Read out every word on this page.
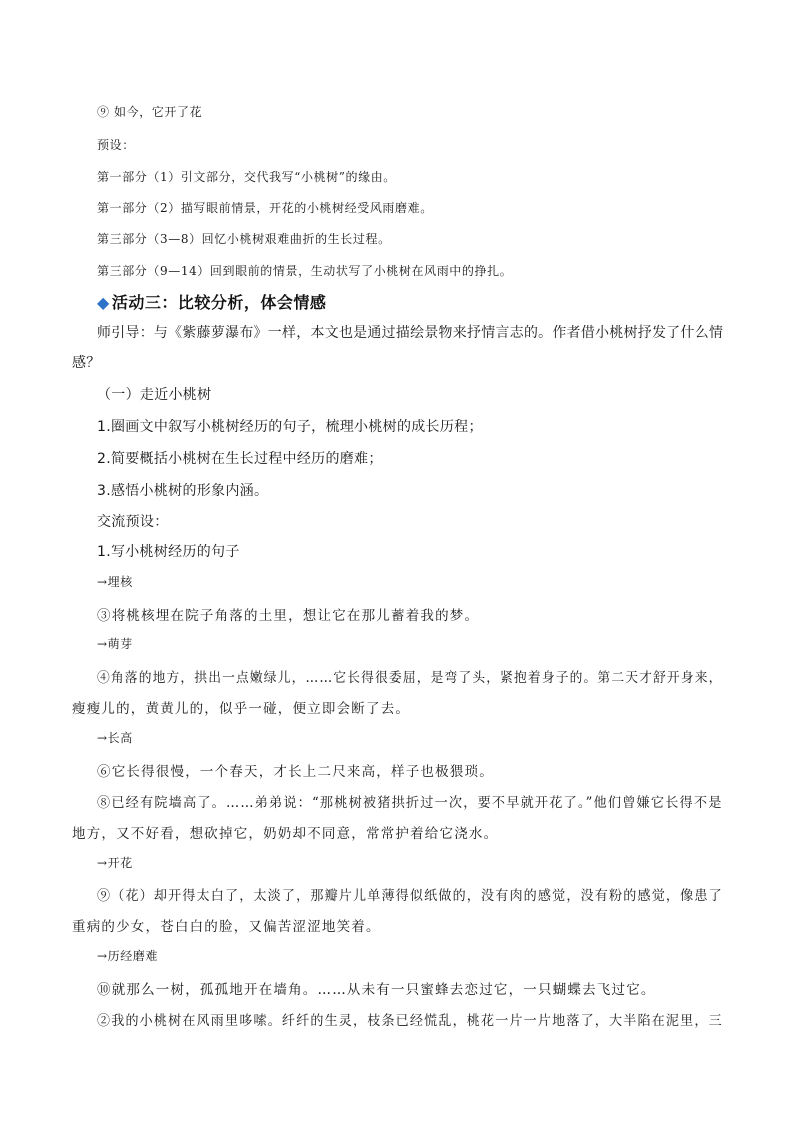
⑨ 如今，它开了花
预设：
第一部分（1）引文部分，交代我写“小桃树”的缘由。
第一部分（2）描写眼前情景，开花的小桃树经受风雨磨难。
第三部分（3—8）回忆小桃树艰难曲折的生长过程。
第三部分（9—14）回到眼前的情景，生动状写了小桃树在风雨中的挣扎。
◆ 活动三：比较分析，体会情感
师引导：与《紫藤萝瀑布》一样，本文也是通过描绘景物来抒情言志的。作者借小桃树抒发了什么情
感？
（一）走近小桃树
1.圈画文中叙写小桃树经历的句子，梳理小桃树的成长历程；
2.简要概括小桃树在生长过程中经历的磨难；
3.感悟小桃树的形象内涵。
交流预设：
1.写小桃树经历的句子
→埋核
③将桃核埋在院子角落的土里，想让它在那儿蓄着我的梦。
→萌芽
④角落的地方，拱出一点嫩绿儿，……它长得很委屈，是弯了头，紧抱着身子的。第二天才舒开身来，
瘦瘦儿的，黄黄儿的，似乎一碰，便立即会断了去。
→长高
⑥它长得很慢，一个春天，才长上二尺来高，样子也极猥琐。
⑧已经有院墙高了。……弟弟说：“那桃树被猪拱折过一次，要不早就开花了。”他们曾嫌它长得不是
地方，又不好看，想砍掉它，奶奶却不同意，常常护着给它浇水。
→开花
⑨（花）却开得太白了，太淡了，那瓣片儿单薄得似纸做的，没有肉的感觉，没有粉的感觉，像患了
重病的少女，苍白白的脸，又偏苦涩涩地笑着。
→历经磨难
⑩就那么一树，孤孤地开在墙角。……从未有一只蜜蜂去恋过它，一只蝴蝶去飞过它。
②我的小桃树在风雨里哆嗦。纤纤的生灵，枝条已经慌乱，桃花一片一片地落了，大半陷在泥里，三
